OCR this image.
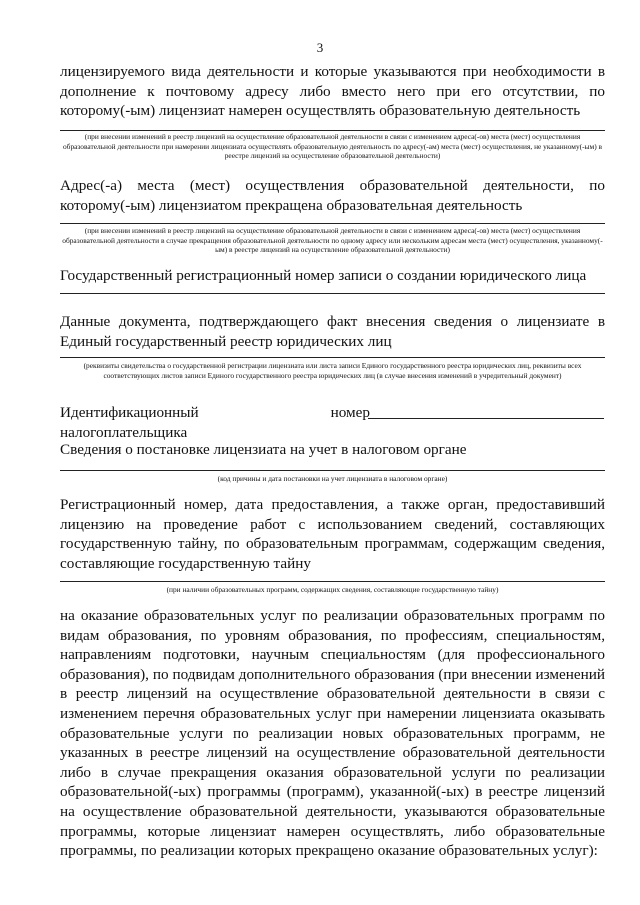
3

лицензируемого вида деятельности и которые указываются при необходимости в дополнение к почтовому адресу либо вместо него при его отсутствии, по которому(-ым) лицензиат намерен осуществлять образовательную деятельность

(при внесении изменений в реестр лицензий на осуществление образовательной деятельности в связи с изменением адреса(-ов) места (мест) осуществления образовательной деятельности при намерении лицензиата осуществлять образовательную деятельность по адресу(-ам) места (мест) осуществления, не указанному(-ым) в реестре лицензий на осуществление образовательной деятельности)

Адрес(-а) места (мест) осуществления образовательной деятельности, по которому(-ым) лицензиатом прекращена образовательная деятельность

(при внесении изменений в реестр лицензий на осуществление образовательной деятельности в связи с изменением адреса(-ов) места (мест) осуществления образовательной деятельности в случае прекращения образовательной деятельности по одному адресу или нескольким адресам места (мест) осуществления, указанному(-ым) в реестре лицензий на осуществление образовательной деятельности)

Государственный регистрационный номер записи о создании юридического лица

Данные документа, подтверждающего факт внесения сведения о лицензиате в Единый государственный реестр юридических лиц

(реквизиты свидетельства о государственной регистрации лицензиата или листа записи Единого государственного реестра юридических лиц, реквизиты всех соответствующих листов записи Единого государственного реестра юридических лиц (в случае внесения изменений в учредительный документ)

Идентификационный номер налогоплательщика

Сведения о постановке лицензиата на учет в налоговом органе

(код причины и дата постановки на учет лицензиата в налоговом органе)

Регистрационный номер, дата предоставления, а также орган, предоставивший лицензию на проведение работ с использованием сведений, составляющих государственную тайну, по образовательным программам, содержащим сведения, составляющие государственную тайну

(при наличии образовательных программ, содержащих сведения, составляющие государственную тайну)

на оказание образовательных услуг по реализации образовательных программ по видам образования, по уровням образования, по профессиям, специальностям, направлениям подготовки, научным специальностям (для профессионального образования), по подвидам дополнительного образования (при внесении изменений в реестр лицензий на осуществление образовательной деятельности в связи с изменением перечня образовательных услуг при намерении лицензиата оказывать образовательные услуги по реализации новых образовательных программ, не указанных в реестре лицензий на осуществление образовательной деятельности либо в случае прекращения оказания образовательной услуги по реализации образовательной(-ых) программы (программ), указанной(-ых) в реестре лицензий на осуществление образовательной деятельности, указываются образовательные программы, которые лицензиат намерен осуществлять, либо образовательные программы, по реализации которых прекращено оказание образовательных услуг):
